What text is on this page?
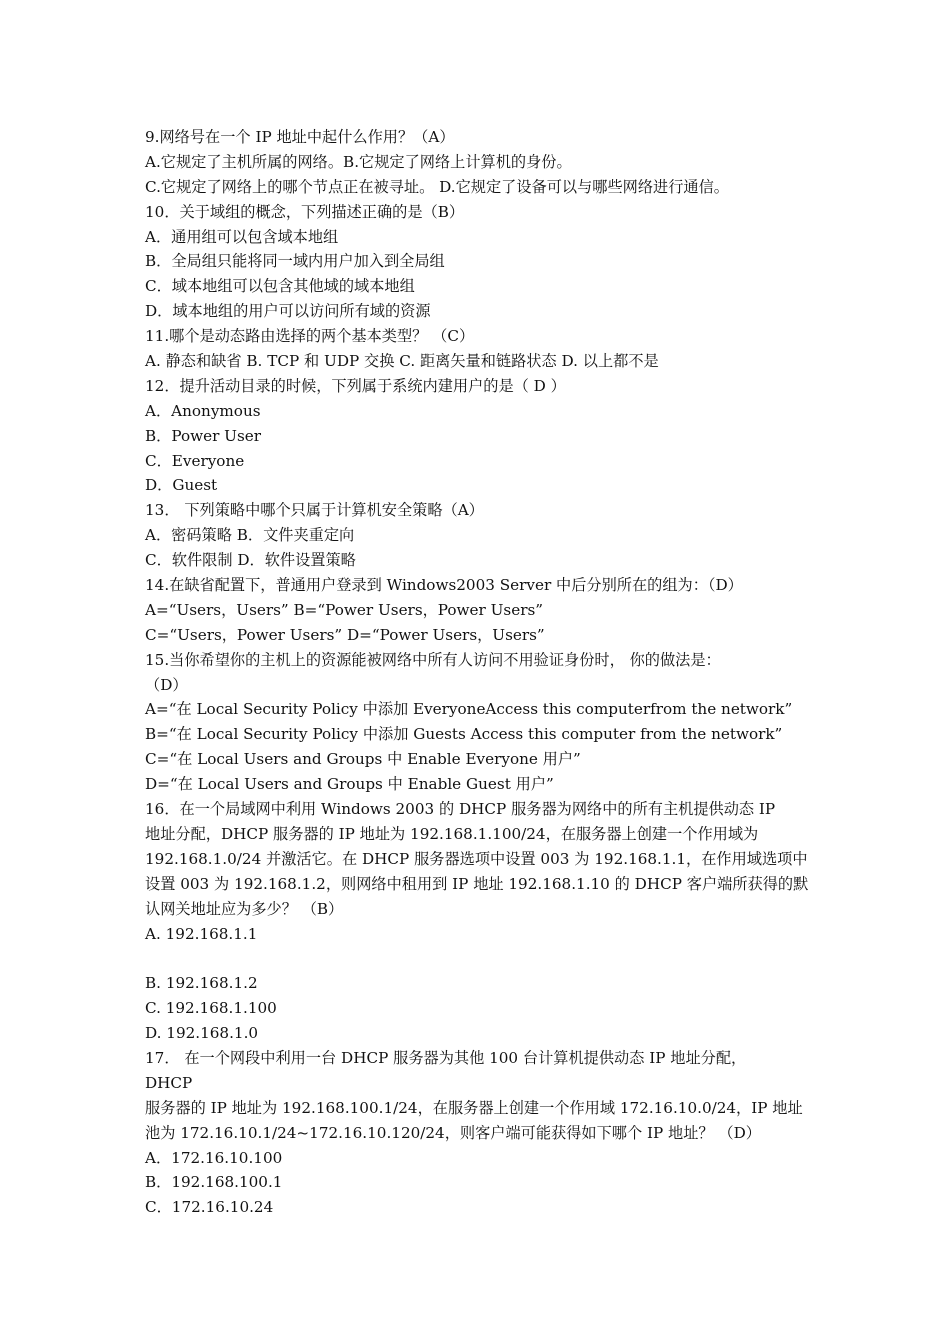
9.网络号在一个 IP 地址中起什么作用？（A）
A.它规定了主机所属的网络。B.它规定了网络上计算机的身份。
C.它规定了网络上的哪个节点正在被寻址。 D.它规定了设备可以与哪些网络进行通信。
10．关于域组的概念，下列描述正确的是（B）
A．通用组可以包含域本地组
B．全局组只能将同一域内用户加入到全局组
C．域本地组可以包含其他域的域本地组
D．域本地组的用户可以访问所有域的资源
11.哪个是动态路由选择的两个基本类型？ （C）
A. 静态和缺省 B. TCP 和 UDP 交换 C. 距离矢量和链路状态 D. 以上都不是
12．提升活动目录的时候，下列属于系统内建用户的是（ D ）
A．Anonymous
B．Power User
C．Everyone
D．Guest
13． 下列策略中哪个只属于计算机安全策略（A）
A．密码策略 B．文件夹重定向
C．软件限制 D．软件设置策略
14.在缺省配置下，普通用户登录到 Windows2003 Server 中后分别所在的组为：（D）
A=“Users，Users” B=“Power Users，Power Users”
C=“Users，Power Users” D=“Power Users，Users”
15.当你希望你的主机上的资源能被网络中所有人访问不用验证身份时， 你的做法是：
（D）
A=“在 Local Security Policy 中添加 EveryoneAccess this computerfrom the network”
B=“在 Local Security Policy 中添加 Guests Access this computer from the network”
C=“在 Local Users and Groups 中 Enable Everyone 用户”
D=“在 Local Users and Groups 中 Enable Guest 用户”
16．在一个局域网中利用 Windows 2003 的 DHCP 服务器为网络中的所有主机提供动态 IP
地址分配，DHCP 服务器的 IP 地址为 192.168.1.100/24，在服务器上创建一个作用域为
192.168.1.0/24 并激活它。在 DHCP 服务器选项中设置 003 为 192.168.1.1，在作用域选项中
设置 003 为 192.168.1.2，则网络中租用到 IP 地址 192.168.1.10 的 DHCP 客户端所获得的默
认网关地址应为多少？ （B）
A. 192.168.1.1
B. 192.168.1.2
C. 192.168.1.100
D. 192.168.1.0
17． 在一个网段中利用一台 DHCP 服务器为其他 100 台计算机提供动态 IP 地址分配，
DHCP
服务器的 IP 地址为 192.168.100.1/24，在服务器上创建一个作用域 172.16.10.0/24，IP 地址
池为 172.16.10.1/24~172.16.10.120/24，则客户端可能获得如下哪个 IP 地址？ （D）
A．172.16.10.100
B．192.168.100.1
C．172.16.10.24
